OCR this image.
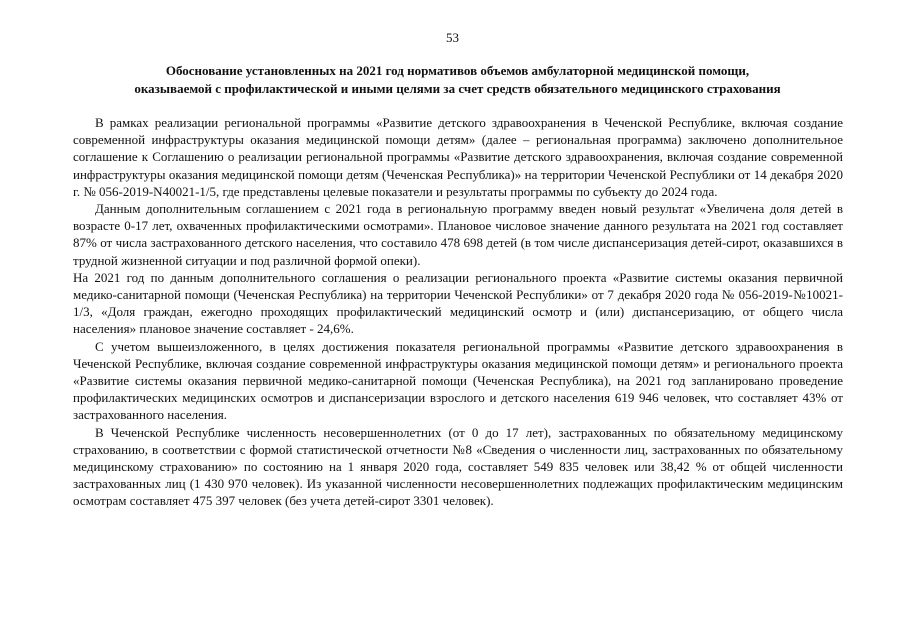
53
Обоснование установленных на 2021 год нормативов объемов амбулаторной медицинской помощи,
оказываемой с профилактической и иными целями за счет средств обязательного медицинского страхования

В рамках реализации региональной программы «Развитие детского здравоохранения в Чеченской Республике, включая создание современной инфраструктуры оказания медицинской помощи детям» (далее – региональная программа) заключено дополнительное соглашение к Соглашению о реализации региональной программы «Развитие детского здравоохранения, включая создание современной инфраструктуры оказания медицинской помощи детям (Чеченская Республика)» на территории Чеченской Республики от 14 декабря 2020 г. № 056-2019-N40021-1/5, где представлены целевые показатели и результаты программы по субъекту до 2024 года.

Данным дополнительным соглашением с 2021 года в региональную программу введен новый результат «Увеличена доля детей в возрасте 0-17 лет, охваченных профилактическими осмотрами». Плановое числовое значение данного результата на 2021 год составляет 87% от числа застрахованного детского населения, что составило 478 698 детей (в том числе диспансеризация детей-сирот, оказавшихся в трудной жизненной ситуации и под различной формой опеки).

На 2021 год по данным дополнительного соглашения о реализации регионального проекта «Развитие системы оказания первичной медико-санитарной помощи (Чеченская Республика) на территории Чеченской Республики» от 7 декабря 2020 года № 056-2019-№10021-1/3, «Доля граждан, ежегодно проходящих профилактический медицинский осмотр и (или) диспансеризацию, от общего числа населения» плановое значение составляет - 24,6%.

С учетом вышеизложенного, в целях достижения показателя региональной программы «Развитие детского здравоохранения в Чеченской Республике, включая создание современной инфраструктуры оказания медицинской помощи детям» и регионального проекта «Развитие системы оказания первичной медико-санитарной помощи (Чеченская Республика), на 2021 год запланировано проведение профилактических медицинских осмотров и диспансеризации взрослого и детского населения 619 946 человек, что составляет 43% от застрахованного населения.

В Чеченской Республике численность несовершеннолетних (от 0 до 17 лет), застрахованных по обязательному медицинскому страхованию, в соответствии с формой статистической отчетности №8 «Сведения о численности лиц, застрахованных по обязательному медицинскому страхованию» по состоянию на 1 января 2020 года, составляет 549 835 человек или 38,42 % от общей численности застрахованных лиц (1 430 970 человек). Из указанной численности несовершеннолетних подлежащих профилактическим медицинским осмотрам составляет 475 397 человек (без учета детей-сирот 3301 человек).
